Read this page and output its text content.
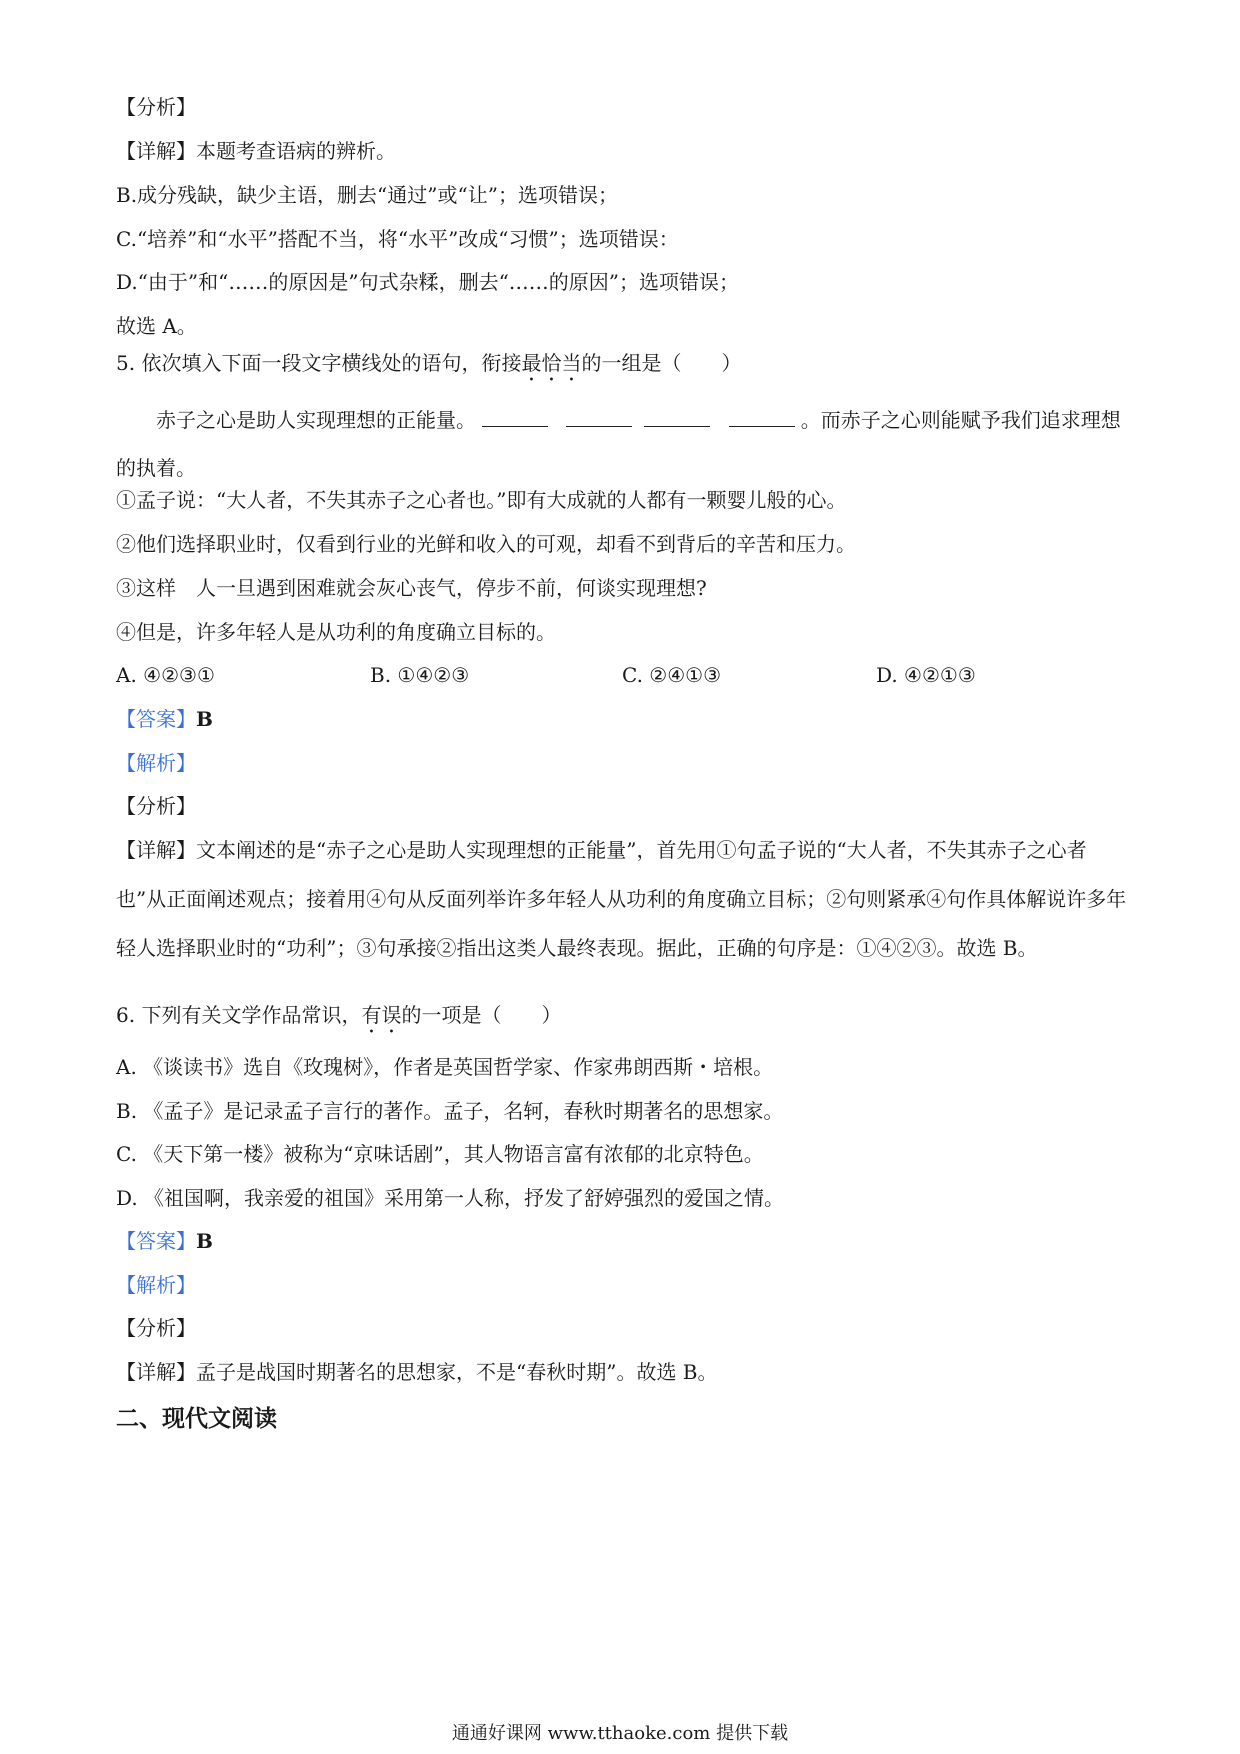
【分析】
【详解】本题考查语病的辨析。
B.成分残缺，缺少主语，删去“通过”或“让”；选项错误；
C.“培养”和“水平”搭配不当，将“水平”改成“习惯”；选项错误：
D.“由于”和“……的原因是”句式杂糅，删去“……的原因”；选项错误；
故选 A。
5. 依次填入下面一段文字横线处的语句，衔接最恰当的一组是（　　）
赤子之心是助人实现理想的正能量。	。而赤子之心则能赋予我们追求理想的执着。
①孟子说：“大人者，不失其赤子之心者也。”即有大成就的人都有一颗婴儿般的心。
②他们选择职业时，仅看到行业的光鲜和收入的可观，却看不到背后的辛苦和压力。
③这样　人一旦遇到困难就会灰心丧气，停步不前，何谈实现理想?
④但是，许多年轻人是从功利的角度确立目标的。
A. ④②③①	B. ①④②③	C. ②④①③	D. ④②①③
【答案】B
【解析】
【分析】
【详解】文本阐述的是“赤子之心是助人实现理想的正能量”，首先用①句孟子说的“大人者，不失其赤子之心者也”从正面阐述观点；接着用④句从反面列举许多年轻人从功利的角度确立目标；②句则紧承④句作具体解说许多年轻人选择职业时的“功利”；③句承接②指出这类人最终表现。据此，正确的句序是：①④②③。故选 B。
6. 下列有关文学作品常识，有误的一项是（　　）
A. 《谈读书》选自《玫瑰树》，作者是英国哲学家、作家弗朗西斯・培根。
B. 《孟子》是记录孟子言行的著作。孟子，名轲，春秋时期著名的思想家。
C. 《天下第一楼》被称为“京味话剧”，其人物语言富有浓郁的北京特色。
D. 《祖国啊，我亲爱的祖国》采用第一人称，抒发了舒婷强烈的爱国之情。
【答案】B
【解析】
【分析】
【详解】孟子是战国时期著名的思想家，不是“春秋时期”。故选 B。
二、现代文阅读
通通好课网 www.tthaoke.com 提供下载
